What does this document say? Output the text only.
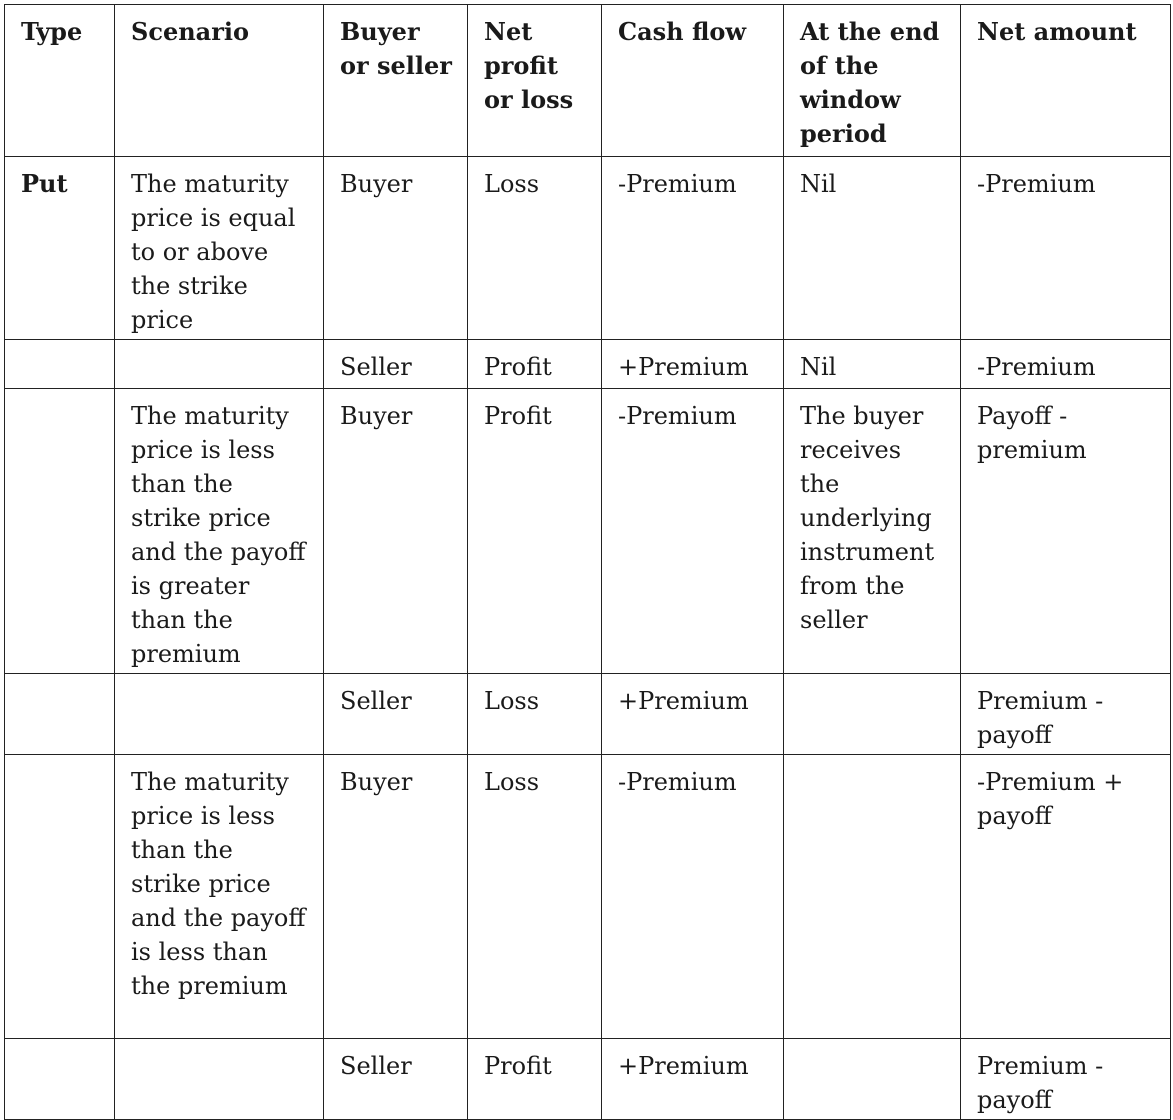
Type	Scenario	Buyer or seller	Net profit or loss	Cash flow	At the end of the window period	Net amount
Put	The maturity price is equal to or above the strike price	Buyer	Loss	-Premium	Nil	-Premium
		Seller	Profit	+Premium	Nil	-Premium
	The maturity price is less than the strike price and the payoff is greater than the premium	Buyer	Profit	-Premium	The buyer receives the underlying instrument from the seller	Payoff - premium
		Seller	Loss	+Premium		Premium - payoff
	The maturity price is less than the strike price and the payoff is less than the premium	Buyer	Loss	-Premium		-Premium + payoff
		Seller	Profit	+Premium		Premium - payoff
